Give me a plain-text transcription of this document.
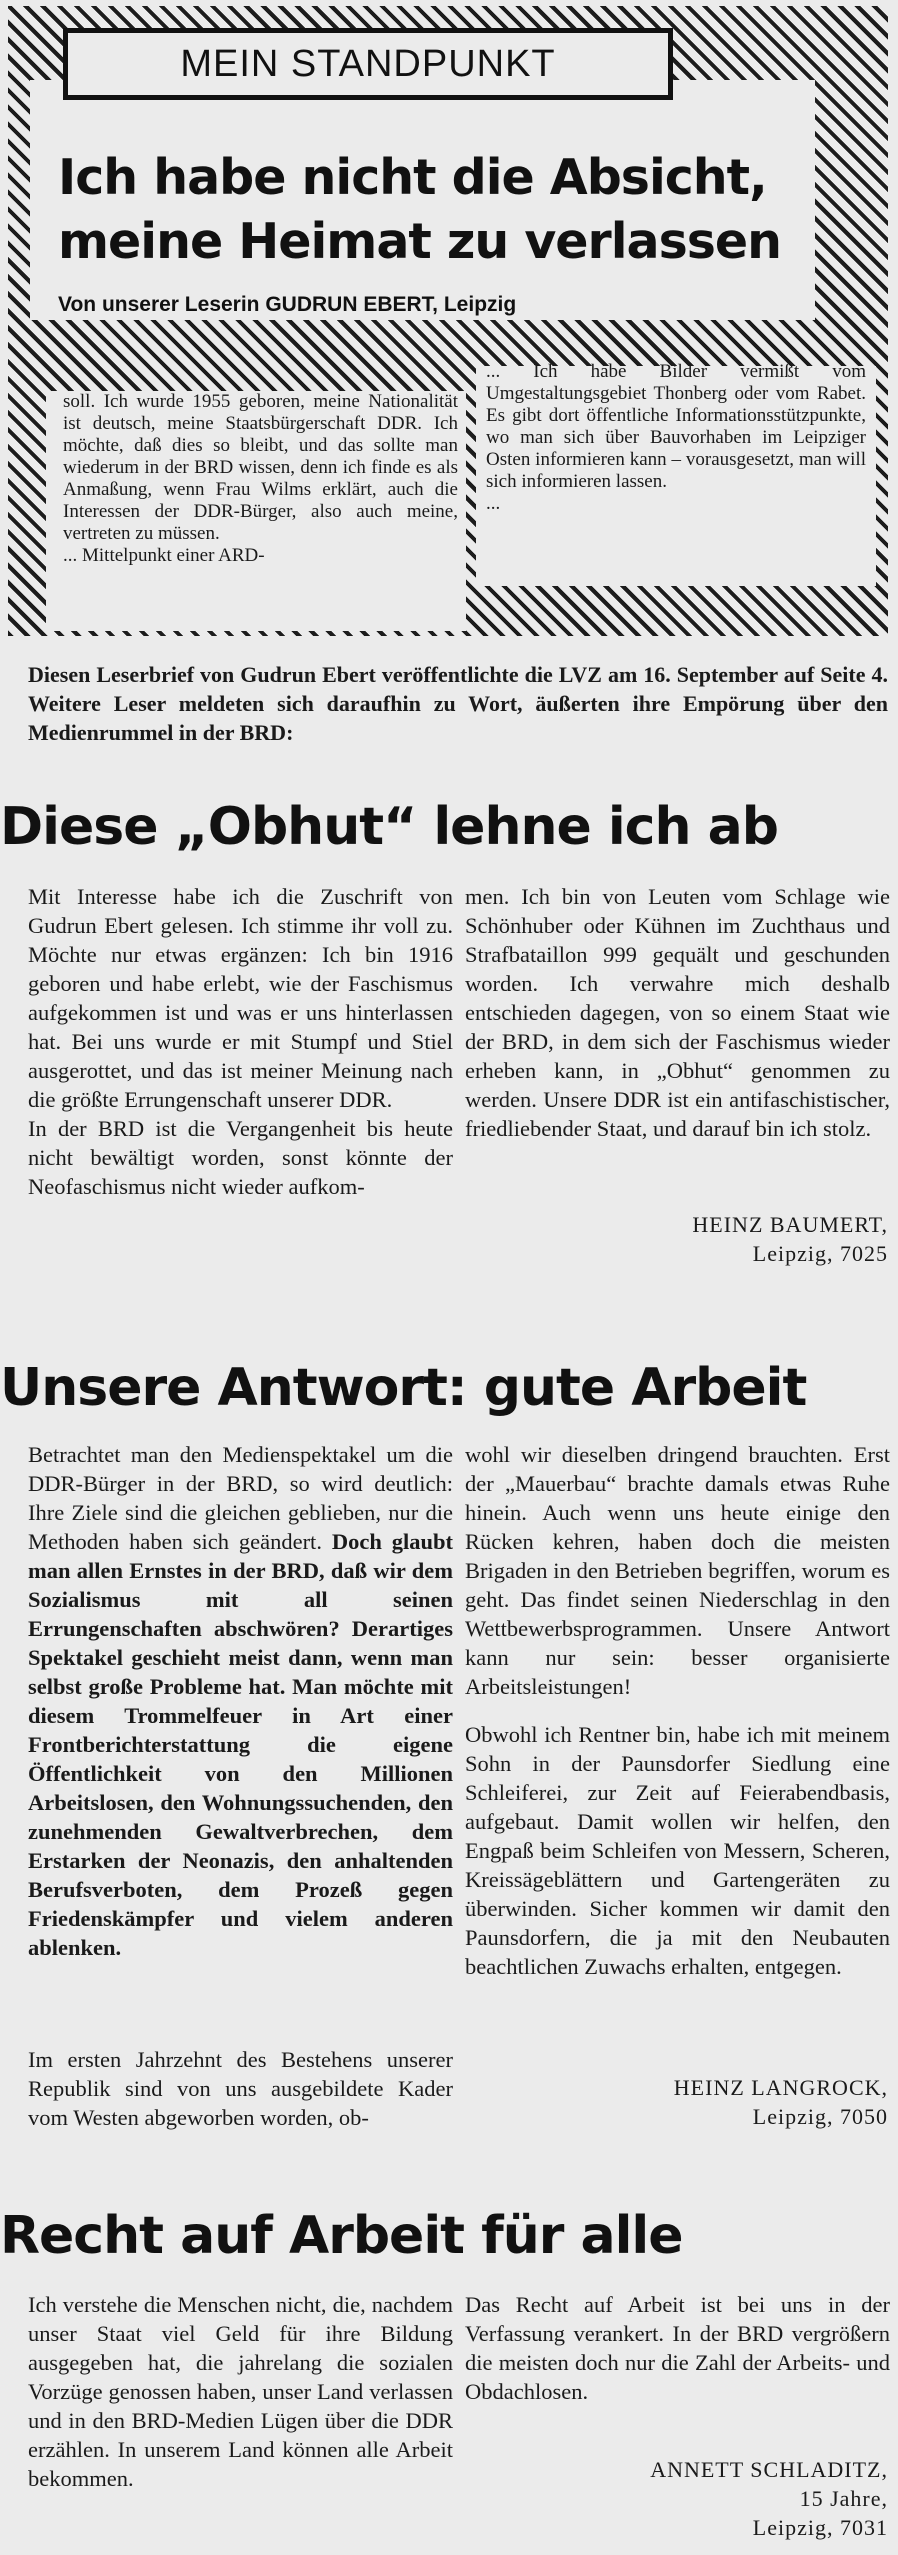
MEIN STANDPUNKT
Ich habe nicht die Absicht,
meine Heimat zu verlassen
Von unserer Leserin GUDRUN EBERT, Leipzig
soll. Ich wurde 1955 geboren, meine Nationalität ist deutsch, meine Staatsbürgerschaft DDR. Ich möchte, daß dies so bleibt, und das sollte man wiederum in der BRD wissen, denn ich finde es als Anmaßung, wenn Frau Wilms erklärt, auch die Interessen der DDR-Bürger, also auch meine, vertreten zu müssen.
... Mittelpunkt einer ARD-
... Ich habe Bilder vermißt vom Umgestaltungsgebiet Thonberg oder vom Rabet. Es gibt dort öffentliche Informationsstützpunkte, wo man sich über Bauvorhaben im Leipziger Osten informieren kann – vorausgesetzt, man will sich informieren lassen.
...
Diesen Leserbrief von Gudrun Ebert veröffentlichte die LVZ am 16. September auf Seite 4. Weitere Leser meldeten sich daraufhin zu Wort, äußerten ihre Empörung über den Medienrummel in der BRD:
Diese „Obhut“ lehne ich ab
Mit Interesse habe ich die Zuschrift von Gudrun Ebert gelesen. Ich stimme ihr voll zu. Möchte nur etwas ergänzen: Ich bin 1916 geboren und habe erlebt, wie der Faschismus aufgekommen ist und was er uns hinterlassen hat. Bei uns wurde er mit Stumpf und Stiel ausgerottet, und das ist meiner Meinung nach die größte Errungenschaft unserer DDR.
In der BRD ist die Vergangenheit bis heute nicht bewältigt worden, sonst könnte der Neofaschismus nicht wieder aufkom-
men. Ich bin von Leuten vom Schlage wie Schönhuber oder Kühnen im Zuchthaus und Strafbataillon 999 gequält und geschunden worden. Ich verwahre mich deshalb entschieden dagegen, von so einem Staat wie der BRD, in dem sich der Faschismus wieder erheben kann, in „Obhut“ genommen zu werden. Unsere DDR ist ein antifaschistischer, friedliebender Staat, und darauf bin ich stolz.
HEINZ BAUMERT,
Leipzig, 7025
Unsere Antwort: gute Arbeit
Betrachtet man den Medienspektakel um die DDR-Bürger in der BRD, so wird deutlich: Ihre Ziele sind die gleichen geblieben, nur die Methoden haben sich geändert. Doch glaubt man allen Ernstes in der BRD, daß wir dem Sozialismus mit all seinen Errungenschaften abschwören? Derartiges Spektakel geschieht meist dann, wenn man selbst große Probleme hat. Man möchte mit diesem Trommelfeuer in Art einer Frontberichterstattung die eigene Öffentlichkeit von den Millionen Arbeitslosen, den Wohnungssuchenden, den zunehmenden Gewaltverbrechen, dem Erstarken der Neonazis, den anhaltenden Berufsverboten, dem Prozeß gegen Friedenskämpfer und vielem anderen ablenken.
Im ersten Jahrzehnt des Bestehens unserer Republik sind von uns ausgebildete Kader vom Westen abgeworben worden, ob-
wohl wir dieselben dringend brauchten. Erst der „Mauerbau“ brachte damals etwas Ruhe hinein. Auch wenn uns heute einige den Rücken kehren, haben doch die meisten Brigaden in den Betrieben begriffen, worum es geht. Das findet seinen Niederschlag in den Wettbewerbsprogrammen. Unsere Antwort kann nur sein: besser organisierte Arbeitsleistungen!
Obwohl ich Rentner bin, habe ich mit meinem Sohn in der Paunsdorfer Siedlung eine Schleiferei, zur Zeit auf Feierabendbasis, aufgebaut. Damit wollen wir helfen, den Engpaß beim Schleifen von Messern, Scheren, Kreissägeblättern und Gartengeräten zu überwinden. Sicher kommen wir damit den Paunsdorfern, die ja mit den Neubauten beachtlichen Zuwachs erhalten, entgegen.
HEINZ LANGROCK,
Leipzig, 7050
Recht auf Arbeit für alle
Ich verstehe die Menschen nicht, die, nachdem unser Staat viel Geld für ihre Bildung ausgegeben hat, die jahrelang die sozialen Vorzüge genossen haben, unser Land verlassen und in den BRD-Medien Lügen über die DDR erzählen. In unserem Land können alle Arbeit bekommen.
Das Recht auf Arbeit ist bei uns in der Verfassung verankert. In der BRD vergrößern die meisten doch nur die Zahl der Arbeits- und Obdachlosen.
ANNETT SCHLADITZ,
15 Jahre,
Leipzig, 7031
